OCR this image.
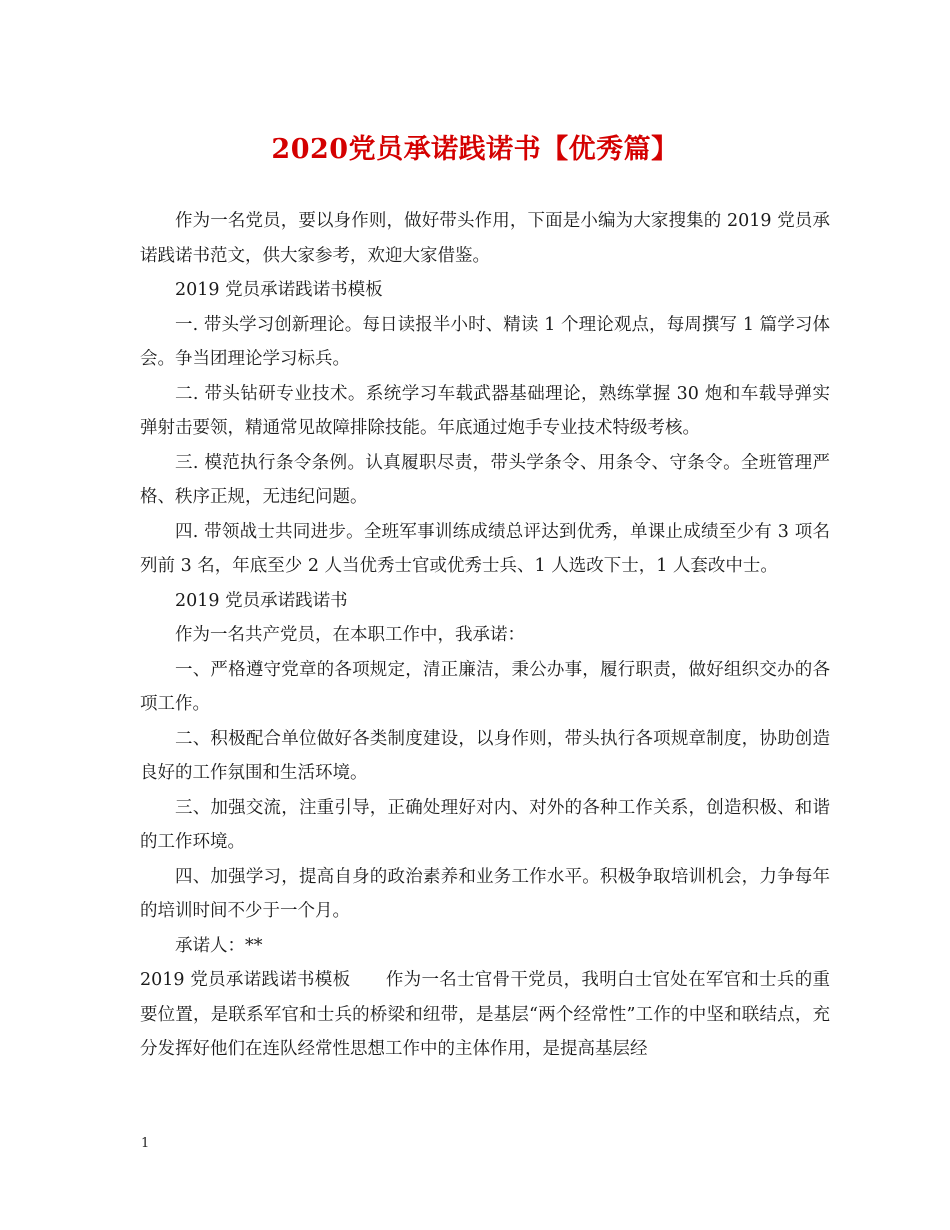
2020党员承诺践诺书【优秀篇】

作为一名党员，要以身作则，做好带头作用，下面是小编为大家搜集的 2019 党员承诺践诺书范文，供大家参考，欢迎大家借鉴。

2019 党员承诺践诺书模板

一. 带头学习创新理论。每日读报半小时、精读 1 个理论观点，每周撰写 1 篇学习体会。争当团理论学习标兵。

二. 带头钻研专业技术。系统学习车载武器基础理论，熟练掌握 30 炮和车载导弹实弹射击要领，精通常见故障排除技能。年底通过炮手专业技术特级考核。

三. 模范执行条令条例。认真履职尽责，带头学条令、用条令、守条令。全班管理严格、秩序正规，无违纪问题。

四. 带领战士共同进步。全班军事训练成绩总评达到优秀，单课止成绩至少有 3 项名列前 3 名，年底至少 2 人当优秀士官或优秀士兵、1 人选改下士，1 人套改中士。

2019 党员承诺践诺书

作为一名共产党员，在本职工作中，我承诺：

一、严格遵守党章的各项规定，清正廉洁，秉公办事，履行职责，做好组织交办的各项工作。

二、积极配合单位做好各类制度建设，以身作则，带头执行各项规章制度，协助创造良好的工作氛围和生活环境。

三、加强交流，注重引导，正确处理好对内、对外的各种工作关系，创造积极、和谐的工作环境。

四、加强学习，提高自身的政治素养和业务工作水平。积极争取培训机会，力争每年的培训时间不少于一个月。

承诺人：**

2019 党员承诺践诺书模板　　作为一名士官骨干党员，我明白士官处在军官和士兵的重要位置，是联系军官和士兵的桥梁和纽带，是基层“两个经常性”工作的中坚和联结点，充分发挥好他们在连队经常性思想工作中的主体作用，是提高基层经

1
